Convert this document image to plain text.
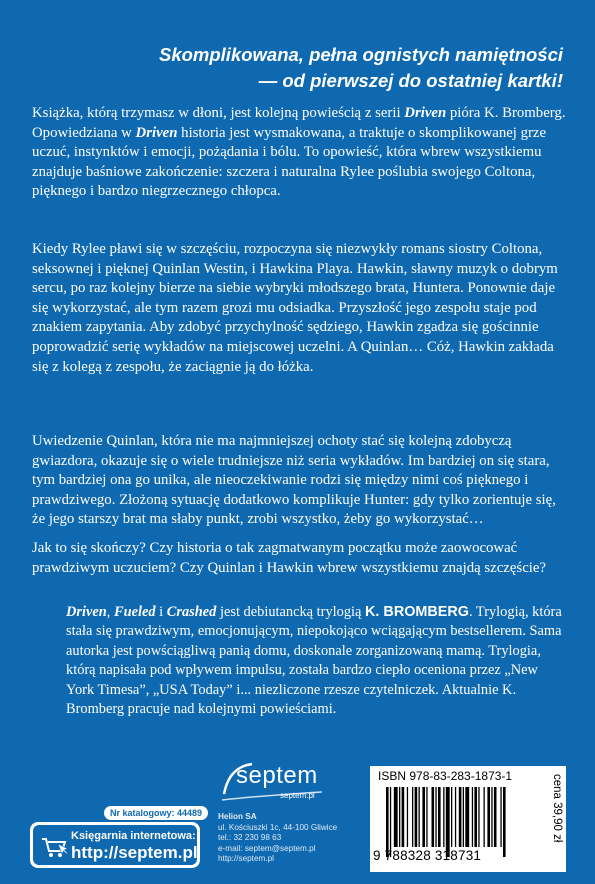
Skomplikowana, pełna ognistych namiętności
— od pierwszej do ostatniej kartki!

Książka, którą trzymasz w dłoni, jest kolejną powieścią z serii Driven pióra K. Bromberg. Opowiedziana w Driven historia jest wysmakowana, a traktuje o skomplikowanej grze uczuć, instynktów i emocji, pożądania i bólu. To opowieść, która wbrew wszystkiemu znajduje baśniowe zakończenie: szczera i naturalna Rylee poślubia swojego Coltona, pięknego i bardzo niegrzecznego chłopca.

Kiedy Rylee pławi się w szczęściu, rozpoczyna się niezwykły romans siostry Coltona, seksownej i pięknej Quinlan Westin, i Hawkina Playa. Hawkin, sławny muzyk o dobrym sercu, po raz kolejny bierze na siebie wybryki młodszego brata, Huntera. Ponownie daje się wykorzystać, ale tym razem grozi mu odsiadka. Przyszłość jego zespołu staje pod znakiem zapytania. Aby zdobyć przychylność sędziego, Hawkin zgadza się gościnnie poprowadzić serię wykładów na miejscowej uczelni. A Quinlan… Cóż, Hawkin zakłada się z kolegą z zespołu, że zaciągnie ją do łóżka.

Uwiedzenie Quinlan, która nie ma najmniejszej ochoty stać się kolejną zdobyczą gwiazdora, okazuje się o wiele trudniejsze niż seria wykładów. Im bardziej on się stara, tym bardziej ona go unika, ale nieoczekiwanie rodzi się między nimi coś pięknego i prawdziwego. Złożoną sytuację dodatkowo komplikuje Hunter: gdy tylko zorientuje się, że jego starszy brat ma słaby punkt, zrobi wszystko, żeby go wykorzystać…

Jak to się skończy? Czy historia o tak zagmatwanym początku może zaowocować prawdziwym uczuciem? Czy Quinlan i Hawkin wbrew wszystkiemu znajdą szczęście?

Driven, Fueled i Crashed jest debiutancką trylogią K. BROMBERG. Trylogią, która stała się prawdziwym, emocjonującym, niepokojąco wciągającym bestsellerem. Sama autorka jest powściągliwą panią domu, doskonale zorganizowaną mamą. Trylogia, którą napisała pod wpływem impulsu, została bardzo ciepło oceniona przez „New York Timesa”, „USA Today” i... niezliczone rzesze czytelniczek. Aktualnie K. Bromberg pracuje nad kolejnymi powieściami.

Nr katalogowy: 44489
Księgarnia internetowa:
http://septem.pl
septem
septem.pl
Helion SA
ul. Kościuszki 1c, 44-100 Gliwice
tel.: 32 230 98 63
e-mail: septem@septem.pl
http://septem.pl
ISBN 978-83-283-1873-1
9 788328 318731
cena 39,90 zł
